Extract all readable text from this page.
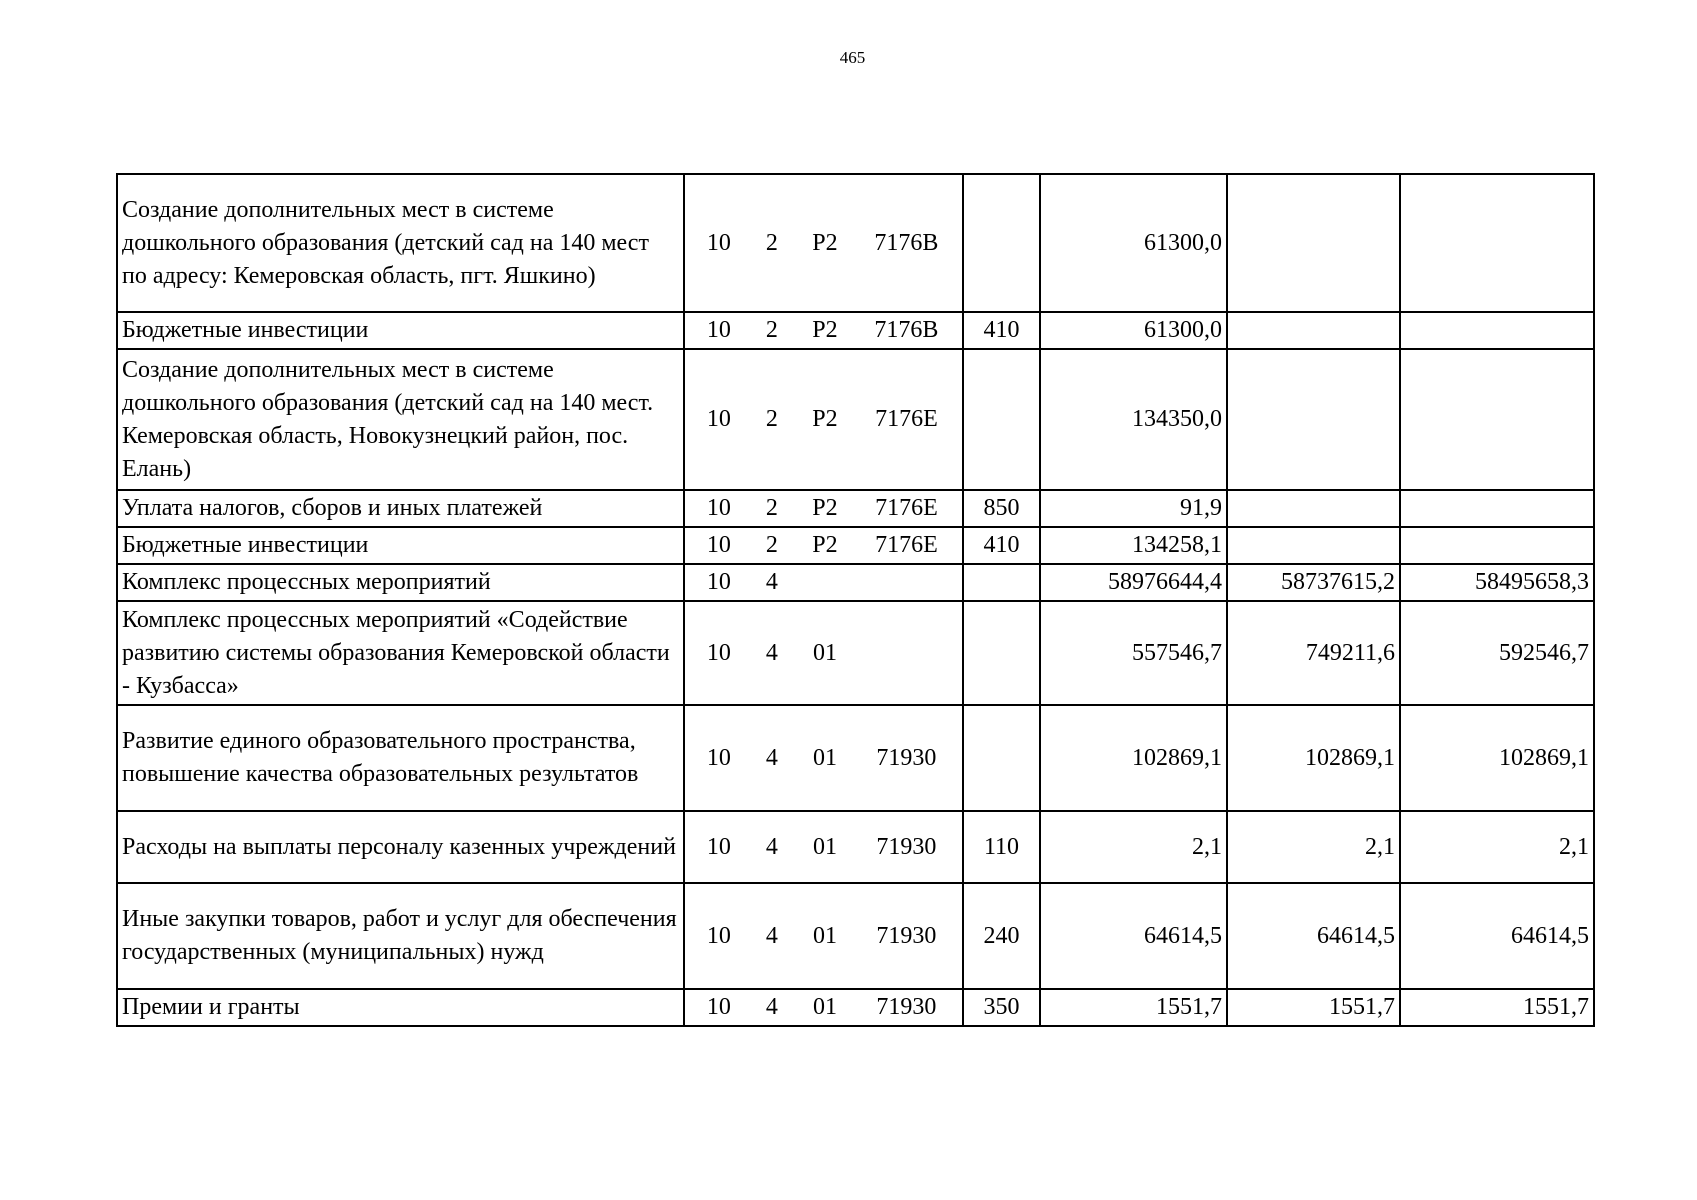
465
Создание дополнительных мест в системе дошкольного образования (детский сад на 140 мест по адресу: Кемеровская область, пгт. Яшкино)	10 2 Р2 7176В		61300,0		
Бюджетные инвестиции	10 2 Р2 7176В	410	61300,0		
Создание дополнительных мест в системе дошкольного образования (детский сад на 140 мест. Кемеровская область, Новокузнецкий район, пос. Елань)	10 2 Р2 7176Е		134350,0		
Уплата налогов, сборов и иных платежей	10 2 Р2 7176Е	850	91,9		
Бюджетные инвестиции	10 2 Р2 7176Е	410	134258,1		
Комплекс процессных мероприятий	10 4		58976644,4	58737615,2	58495658,3
Комплекс процессных мероприятий «Содействие развитию системы образования Кемеровской области - Кузбасса»	10 4 01		557546,7	749211,6	592546,7
Развитие единого образовательного пространства, повышение качества образовательных результатов	10 4 01 71930		102869,1	102869,1	102869,1
Расходы на выплаты персоналу казенных учреждений	10 4 01 71930	110	2,1	2,1	2,1
Иные закупки товаров, работ и услуг для обеспечения государственных (муниципальных) нужд	10 4 01 71930	240	64614,5	64614,5	64614,5
Премии и гранты	10 4 01 71930	350	1551,7	1551,7	1551,7
